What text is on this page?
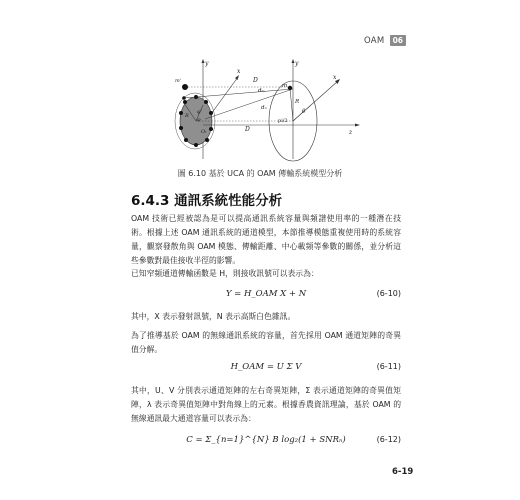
OAM	06
y
x
m'
R
φ'
φ
Oₜ
D
dₘ
dₙ
D
y
m
R
θ
pi/2
x
z
圖 6.10 基於 UCA 的 OAM 傳輸系統模型分析
6.4.3 通訊系統性能分析
OAM 技術已經被認為是可以提高通訊系統容量與頻譜使用率的一種潛在技術。根據上述 OAM 通訊系統的通道模型，本節推導模態重複使用時的系統容量，觀察發散角與 OAM 模態、傳輸距離、中心載頻等參數的關係，並分析這些參數對最佳接收半徑的影響。
已知窄頻通道傳輸函數是 H，則接收訊號可以表示為：
Y = H_OAM X + N	(6-10)
其中，X 表示發射訊號，N 表示高斯白色雜訊。
為了推導基於 OAM 的無線通訊系統的容量，首先採用 OAM 通道矩陣的奇異值分解。
H_OAM = U Σ V	(6-11)
其中，U、V 分別表示通道矩陣的左右奇異矩陣，Σ 表示通道矩陣的奇異值矩陣，λ 表示奇異值矩陣中對角線上的元素。根據香農資訊理論，基於 OAM 的無線通訊最大通道容量可以表示為：
C = Σ_{n=1}^{N} B log₂(1 + SNRₙ)	(6-12)
6-19
